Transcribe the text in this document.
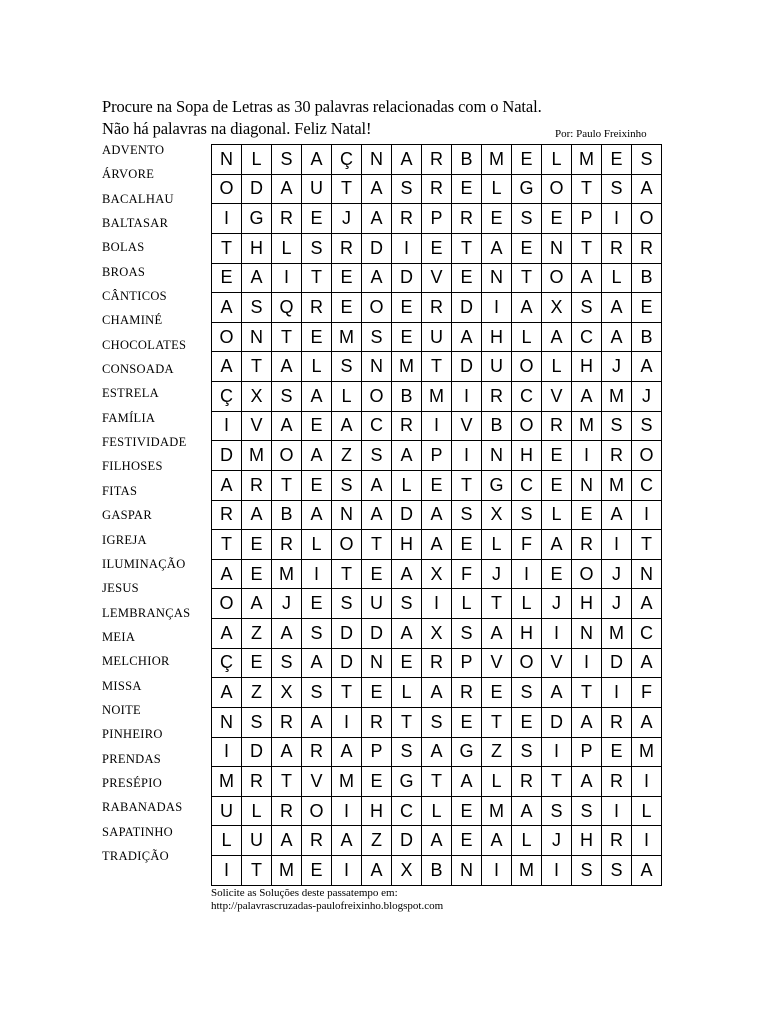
Procure na Sopa de Letras as 30 palavras relacionadas com o Natal.
Não há palavras na diagonal. Feliz Natal!	Por: Paulo Freixinho
ADVENTO
ÁRVORE
BACALHAU
BALTASAR
BOLAS
BROAS
CÂNTICOS
CHAMINÉ
CHOCOLATES
CONSOADA
ESTRELA
FAMÍLIA
FESTIVIDADE
FILHOSES
FITAS
GASPAR
IGREJA
ILUMINAÇÃO
JESUS
LEMBRANÇAS
MEIA
MELCHIOR
MISSA
NOITE
PINHEIRO
PRENDAS
PRESÉPIO
RABANADAS
SAPATINHO
TRADIÇÃO
N	L	S	A	Ç	N	A	R	B	M	E	L	M	E	S
O	D	A	U	T	A	S	R	E	L	G	O	T	S	A
I	G	R	E	J	A	R	P	R	E	S	E	P	I	O
T	H	L	S	R	D	I	E	T	A	E	N	T	R	R
E	A	I	T	E	A	D	V	E	N	T	O	A	L	B
A	S	Q	R	E	O	E	R	D	I	A	X	S	A	E
O	N	T	E	M	S	E	U	A	H	L	A	C	A	B
A	T	A	L	S	N	M	T	D	U	O	L	H	J	A
Ç	X	S	A	L	O	B	M	I	R	C	V	A	M	J
I	V	A	E	A	C	R	I	V	B	O	R	M	S	S
D	M	O	A	Z	S	A	P	I	N	H	E	I	R	O
A	R	T	E	S	A	L	E	T	G	C	E	N	M	C
R	A	B	A	N	A	D	A	S	X	S	L	E	A	I
T	E	R	L	O	T	H	A	E	L	F	A	R	I	T
A	E	M	I	T	E	A	X	F	J	I	E	O	J	N
O	A	J	E	S	U	S	I	L	T	L	J	H	J	A
A	Z	A	S	D	D	A	X	S	A	H	I	N	M	C
Ç	E	S	A	D	N	E	R	P	V	O	V	I	D	A
A	Z	X	S	T	E	L	A	R	E	S	A	T	I	F
N	S	R	A	I	R	T	S	E	T	E	D	A	R	A
I	D	A	R	A	P	S	A	G	Z	S	I	P	E	M
M	R	T	V	M	E	G	T	A	L	R	T	A	R	I
U	L	R	O	I	H	C	L	E	M	A	S	S	I	L
L	U	A	R	A	Z	D	A	E	A	L	J	H	R	I
I	T	M	E	I	A	X	B	N	I	M	I	S	S	A
Solicite as Soluções deste passatempo em:
http://palavrascruzadas-paulofreixinho.blogspot.com
